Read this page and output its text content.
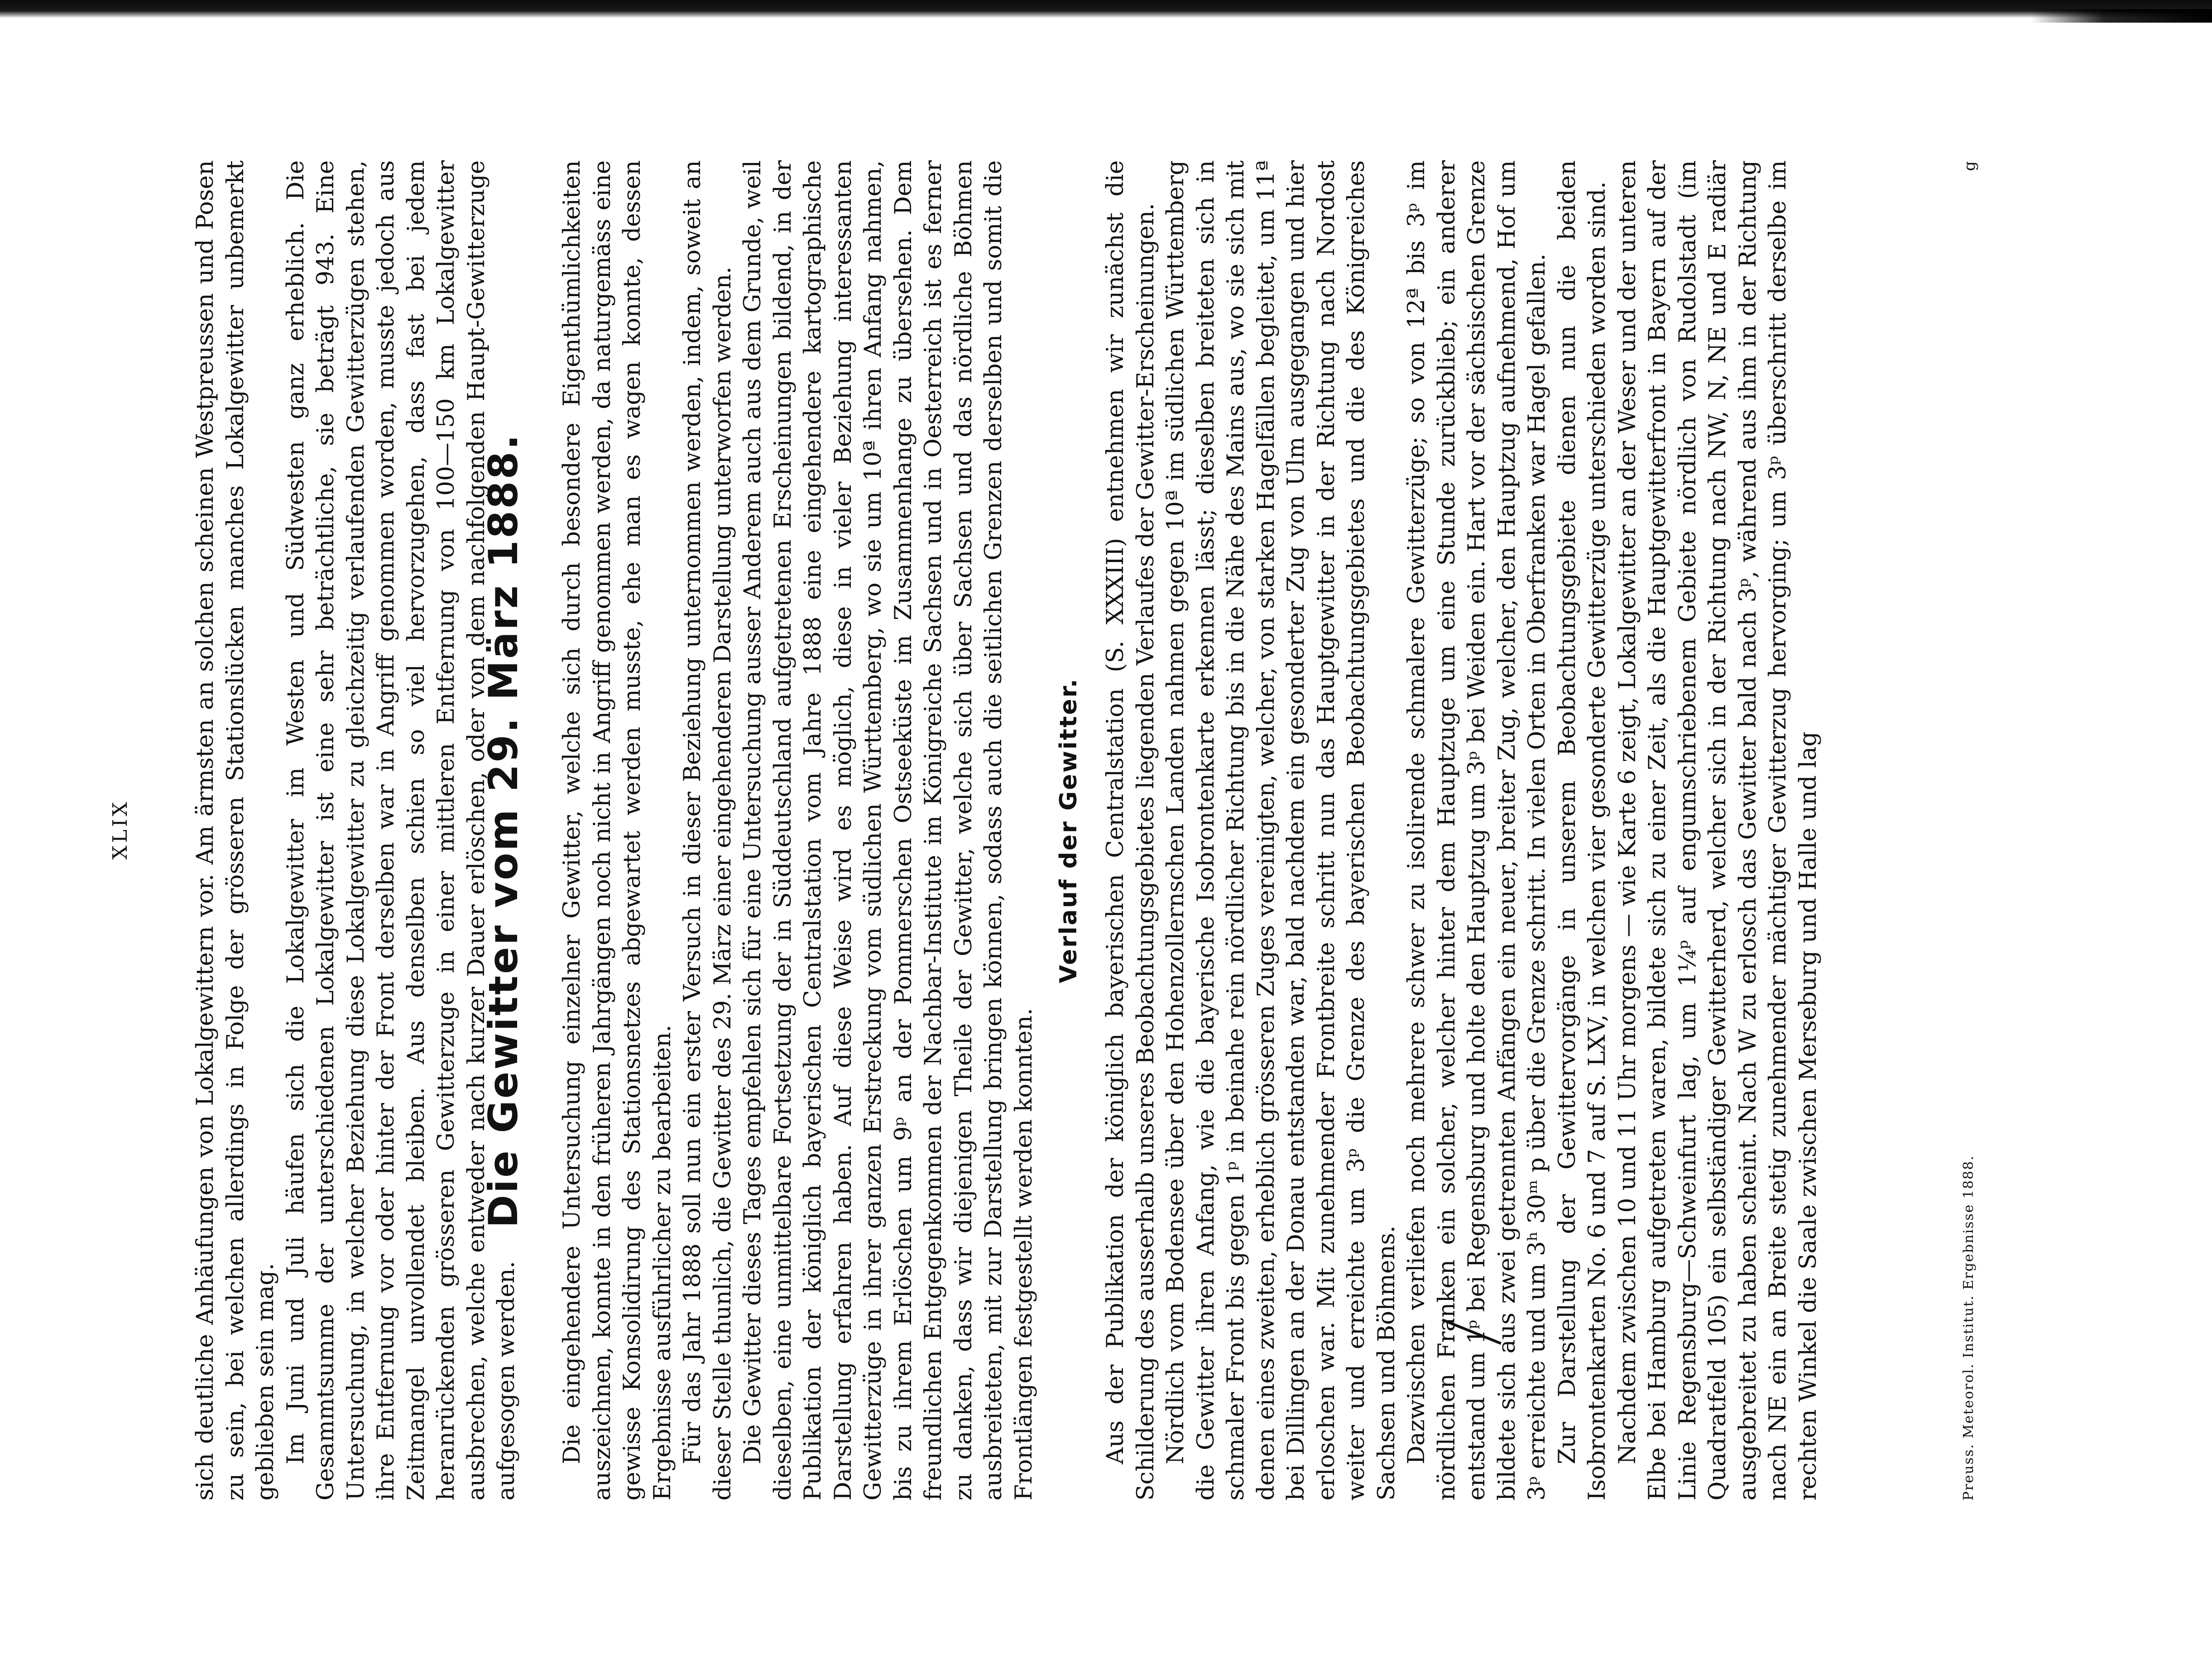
XLIX	sich deutliche Anhäufungen von Lokalgewittern vor. Am ärmsten an solchen scheinen Westpreussen und Posen zu sein, bei welchen allerdings in Folge der grösseren Stationslücken manches Lokalgewitter unbemerkt geblieben sein mag. Im Juni und Juli häufen sich die Lokalgewitter im Westen und Südwesten ganz erheblich. Die Gesammtsumme der unterschiedenen Lokalgewitter ist eine sehr beträchtliche, sie beträgt 943. Eine Untersuchung, in welcher Beziehung diese Lokalgewitter zu gleichzeitig verlaufenden Gewitterzügen stehen, ihre Entfernung vor oder hinter der Front derselben war in Angriff genommen worden, musste jedoch aus Zeitmangel unvollendet bleiben. Aus denselben schien so viel hervorzugehen, dass fast bei jedem heranrückenden grösseren Gewitterzuge in einer mittleren Entfernung von 100—150 km Lokalgewitter ausbrechen, welche entweder nach kurzer Dauer erlöschen, oder von dem nachfolgenden Haupt-Gewitterzuge aufgesogen werden.

Die Gewitter vom 29. März 1888. Die eingehendere Untersuchung einzelner Gewitter, welche sich durch besondere Eigenthümlichkeiten auszeichnen, konnte in den früheren Jahrgängen noch nicht in Angriff genommen werden, da naturgemäss eine gewisse Konsolidirung des Stationsnetzes abgewartet werden musste, ehe man es wagen konnte, dessen Ergebnisse ausführlicher zu bearbeiten. Für das Jahr 1888 soll nun ein erster Versuch in dieser Beziehung unternommen werden, indem, soweit an dieser Stelle thunlich, die Gewitter des 29. März einer eingehenderen Darstellung unterworfen werden. Die Gewitter dieses Tages empfehlen sich für eine Untersuchung ausser Anderem auch aus dem Grunde, weil dieselben, eine unmittelbare Fortsetzung der in Süddeutschland aufgetretenen Erscheinungen bildend, in der Publikation der königlich bayerischen Centralstation vom Jahre 1888 eine eingehendere kartographische Darstellung erfahren haben. Auf diese Weise wird es möglich, diese in vieler Beziehung interessanten Gewitterzüge in ihrer ganzen Erstreckung vom südlichen Württemberg, wo sie um 10ª ihren Anfang nahmen, bis zu ihrem Erlöschen um 9ᵖ an der Pommerschen Ostseeküste im Zusammenhange zu übersehen. Dem freundlichen Entgegenkommen der Nachbar-Institute im Königreiche Sachsen und in Oesterreich ist es ferner zu danken, dass wir diejenigen Theile der Gewitter, welche sich über Sachsen und das nördliche Böhmen ausbreiteten, mit zur Darstellung bringen können, sodass auch die seitlichen Grenzen derselben und somit die Frontlängen festgestellt werden konnten.

Verlauf der Gewitter. Aus der Publikation der königlich bayerischen Centralstation (S. XXXIII) entnehmen wir zunächst die Schilderung des ausserhalb unseres Beobachtungsgebietes liegenden Verlaufes der Gewitter-Erscheinungen. Nördlich vom Bodensee über den Hohenzollernschen Landen nahmen gegen 10ª im südlichen Württemberg die Gewitter ihren Anfang, wie die bayerische Isobrontenkarte erkennen lässt; dieselben breiteten sich in schmaler Front bis gegen 1ᵖ in beinahe rein nördlicher Richtung bis in die Nähe des Mains aus, wo sie sich mit denen eines zweiten, erheblich grösseren Zuges vereinigten, welcher, von starken Hagelfällen begleitet, um 11ª bei Dillingen an der Donau entstanden war, bald nachdem ein gesonderter Zug von Ulm ausgegangen und hier erloschen war. Mit zunehmender Frontbreite schritt nun das Hauptgewitter in der Richtung nach Nordost weiter und erreichte um 3ᵖ die Grenze des bayerischen Beobachtungsgebietes und die des Königreiches Sachsen und Böhmens. Dazwischen verliefen noch mehrere schwer zu isolirende schmalere Gewitterzüge; so von 12ª bis 3ᵖ im nördlichen Franken ein solcher, welcher hinter dem Hauptzuge um eine Stunde zurückblieb; ein anderer entstand um 1ᵖ bei Regensburg und holte den Hauptzug um 3ᵖ bei Weiden ein. Hart vor der sächsischen Grenze bildete sich aus zwei getrennten Anfängen ein neuer, breiter Zug, welcher, den Hauptzug aufnehmend, Hof um 3ᵖ erreichte und um 3ʰ 30ᵐ p über die Grenze schritt. In vielen Orten in Oberfranken war Hagel gefallen. Zur Darstellung der Gewittervorgänge in unserem Beobachtungsgebiete dienen nun die beiden Isobrontenkarten No. 6 und 7 auf S. LXV, in welchen vier gesonderte Gewitterzüge unterschieden worden sind. Nachdem zwischen 10 und 11 Uhr morgens — wie Karte 6 zeigt, Lokalgewitter an der Weser und der unteren Elbe bei Hamburg aufgetreten waren, bildete sich zu einer Zeit, als die Hauptgewitterfront in Bayern auf der Linie Regensburg—Schweinfurt lag, um 1¼ᵖ auf engumschriebenem Gebiete nördlich von Rudolstadt (im Quadratfeld 105) ein selbständiger Gewitterherd, welcher sich in der Richtung nach NW, N, NE und E radiär ausgebreitet zu haben scheint. Nach W zu erlosch das Gewitter bald nach 3ᵖ, während aus ihm in der Richtung nach NE ein an Breite stetig zunehmender mächtiger Gewitterzug hervorging; um 3ᵖ überschritt derselbe im rechten Winkel die Saale zwischen Merseburg und Halle und lag	Preuss. Meteorol. Institut. Ergebnisse 1888.
g
